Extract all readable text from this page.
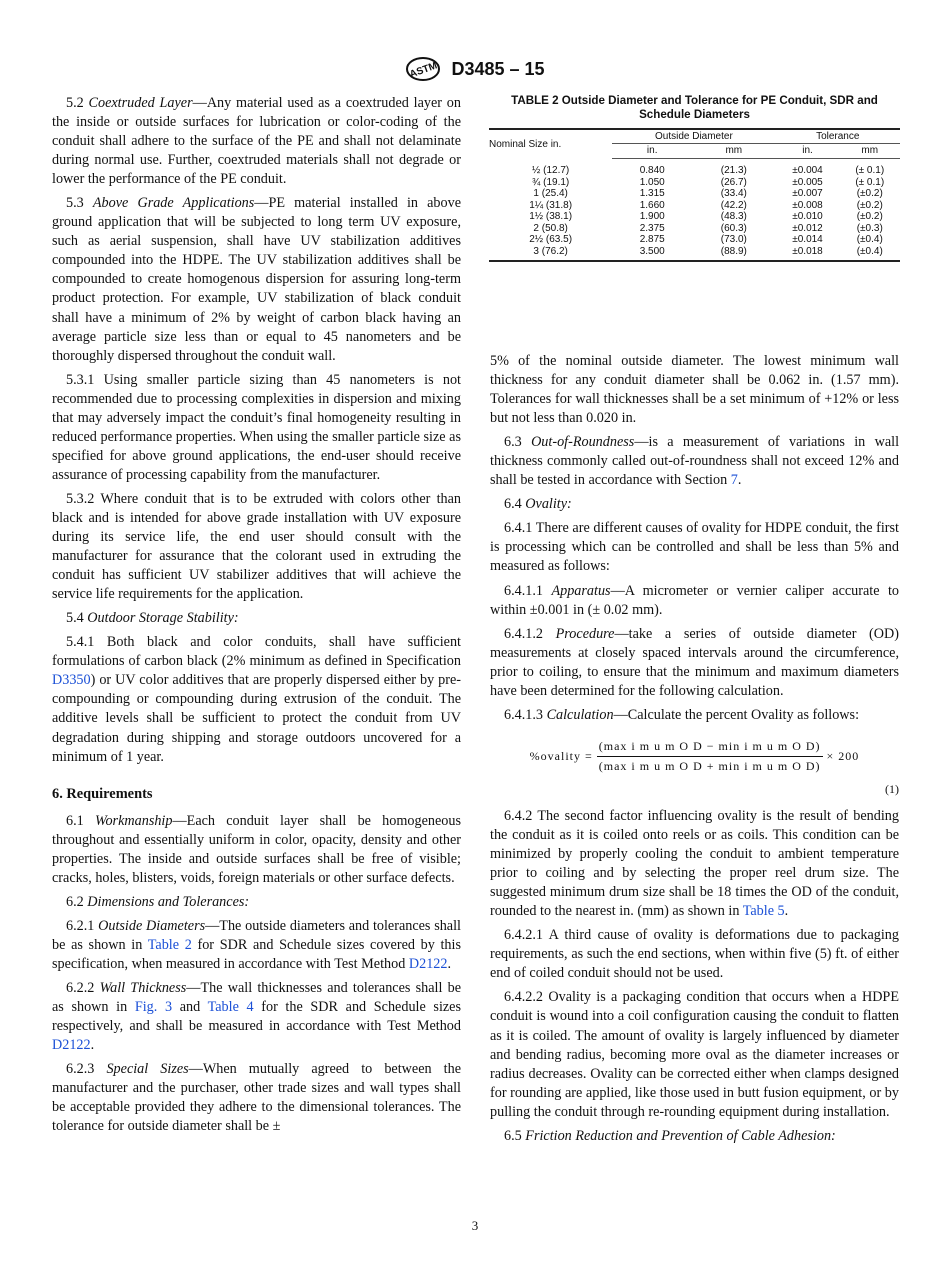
ASTM D3485 – 15
TABLE 2 Outside Diameter and Tolerance for PE Conduit, SDR and Schedule Diameters
Nominal Size in.	Outside Diameter		Tolerance	
	in.	mm	in.	mm
½ (12.7)	0.840	(21.3)	±0.004	(± 0.1)
¾ (19.1)	1.050	(26.7)	±0.005	(± 0.1)
1 (25.4)	1.315	(33.4)	±0.007	(±0.2)
1¼ (31.8)	1.660	(42.2)	±0.008	(±0.2)
1½ (38.1)	1.900	(48.3)	±0.010	(±0.2)
2 (50.8)	2.375	(60.3)	±0.012	(±0.3)
2½ (63.5)	2.875	(73.0)	±0.014	(±0.4)
3 (76.2)	3.500	(88.9)	±0.018	(±0.4)
5.2 Coextruded Layer—Any material used as a coextruded layer on the inside or outside surfaces for lubrication or color-coding of the conduit shall adhere to the surface of the PE and shall not delaminate during normal use. Further, coextruded materials shall not degrade or lower the performance of the PE conduit.
5.3 Above Grade Applications—PE material installed in above ground application that will be subjected to long term UV exposure, such as aerial suspension, shall have UV stabilization additives compounded into the HDPE. The UV stabilization additives shall be compounded to create homogenous dispersion for assuring long-term product protection. For example, UV stabilization of black conduit shall have a minimum of 2% by weight of carbon black having an average particle size less than or equal to 45 nanometers and be thoroughly dispersed throughout the conduit wall.
5.3.1 Using smaller particle sizing than 45 nanometers is not recommended due to processing complexities in dispersion and mixing that may adversely impact the conduit’s final homogeneity resulting in reduced performance properties. When using the smaller particle size as specified for above ground applications, the end-user should receive assurance of processing capability from the manufacturer.
5.3.2 Where conduit that is to be extruded with colors other than black and is intended for above grade installation with UV exposure during its service life, the end user should consult with the manufacturer for assurance that the colorant used in extruding the conduit has sufficient UV stabilizer additives that will achieve the service life requirements for the application.
5.4 Outdoor Storage Stability:
5.4.1 Both black and color conduits, shall have sufficient formulations of carbon black (2% minimum as defined in Specification D3350) or UV color additives that are properly dispersed either by pre-compounding or compounding during extrusion of the conduit. The additive levels shall be sufficient to protect the conduit from UV degradation during shipping and storage outdoors uncovered for a minimum of 1 year.
6. Requirements
6.1 Workmanship—Each conduit layer shall be homogeneous throughout and essentially uniform in color, opacity, density and other properties. The inside and outside surfaces shall be free of visible; cracks, holes, blisters, voids, foreign materials or other surface defects.
6.2 Dimensions and Tolerances:
6.2.1 Outside Diameters—The outside diameters and tolerances shall be as shown in Table 2 for SDR and Schedule sizes covered by this specification, when measured in accordance with Test Method D2122.
6.2.2 Wall Thickness—The wall thicknesses and tolerances shall be as shown in Fig. 3 and Table 4 for the SDR and Schedule sizes respectively, and shall be measured in accordance with Test Method D2122.
6.2.3 Special Sizes—When mutually agreed to between the manufacturer and the purchaser, other trade sizes and wall types shall be acceptable provided they adhere to the dimensional tolerances. The tolerance for outside diameter shall be ±
5% of the nominal outside diameter. The lowest minimum wall thickness for any conduit diameter shall be 0.062 in. (1.57 mm). Tolerances for wall thicknesses shall be a set minimum of +12% or less but not less than 0.020 in.
6.3 Out-of-Roundness—is a measurement of variations in wall thickness commonly called out-of-roundness shall not exceed 12% and shall be tested in accordance with Section 7.
6.4 Ovality:
6.4.1 There are different causes of ovality for HDPE conduit, the first is processing which can be controlled and shall be less than 5% and measured as follows:
6.4.1.1 Apparatus—A micrometer or vernier caliper accurate to within ±0.001 in (± 0.02 mm).
6.4.1.2 Procedure—take a series of outside diameter (OD) measurements at closely spaced intervals around the circumference, prior to coiling, to ensure that the minimum and maximum diameters have been determined for the following calculation.
6.4.1.3 Calculation—Calculate the percent Ovality as follows:
%ovality = $\frac{\text{(max i m u m O D − min i m u m O D)}}{\text{(max i m u m O D + min i m u m O D)}} \times 200$
(1)
6.4.2 The second factor influencing ovality is the result of bending the conduit as it is coiled onto reels or as coils. This condition can be minimized by properly cooling the conduit to ambient temperature prior to coiling and by selecting the proper reel drum size. The suggested minimum drum size shall be 18 times the OD of the conduit, rounded to the nearest in. (mm) as shown in Table 5.
6.4.2.1 A third cause of ovality is deformations due to packaging requirements, as such the end sections, when within five (5) ft. of either end of coiled conduit should not be used.
6.4.2.2 Ovality is a packaging condition that occurs when a HDPE conduit is wound into a coil configuration causing the conduit to flatten as it is coiled. The amount of ovality is largely influenced by diameter and bending radius, becoming more oval as the diameter increases or radius decreases. Ovality can be corrected either when clamps designed for rounding are applied, like those used in butt fusion equipment, or by pulling the conduit through re-rounding equipment during installation.
6.5 Friction Reduction and Prevention of Cable Adhesion:
3
